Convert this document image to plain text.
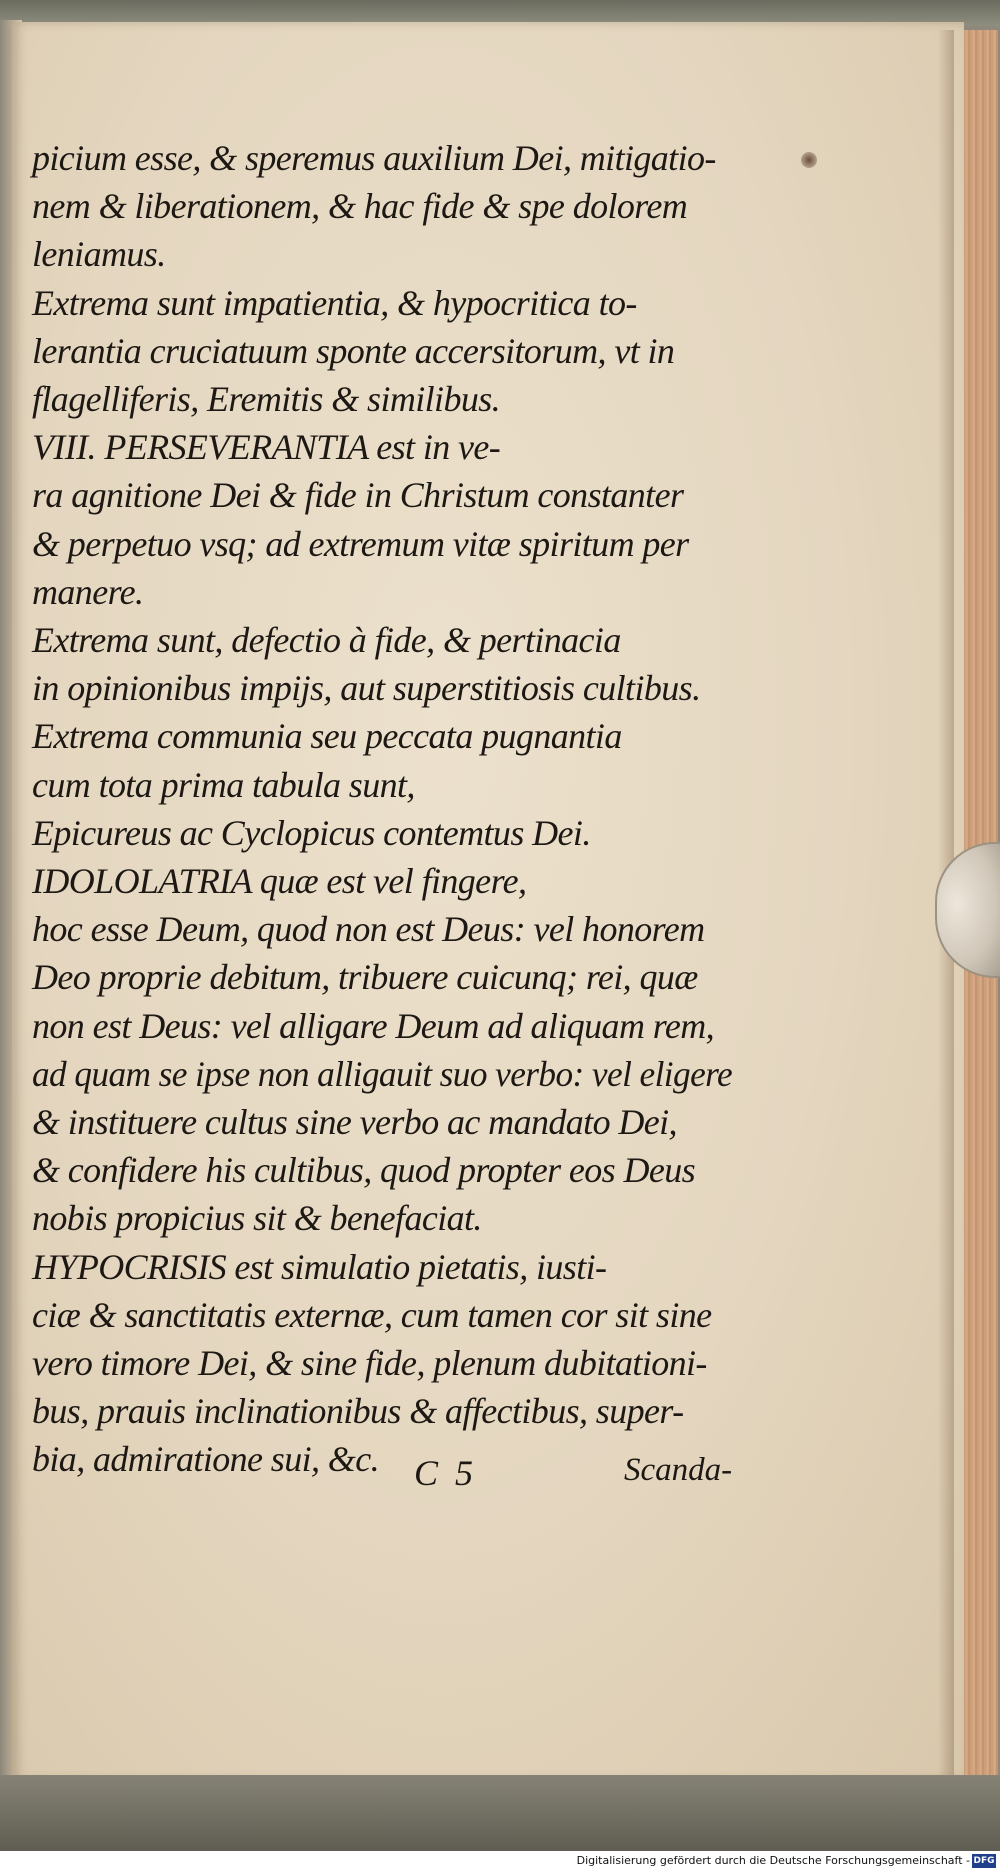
picium esse, & speremus auxilium Dei, mitigatio-
nem & liberationem, & hac fide & spe dolorem
leniamus.
Extrema sunt impatientia, & hypocritica to-
lerantia cruciatuum sponte accersitorum, vt in
flagelliferis, Eremitis & similibus.
VIII. PERSEVERANTIA est in ve-
ra agnitione Dei & fide in Christum constanter
& perpetuo vsq; ad extremum vitæ spiritum per
manere.
Extrema sunt, defectio à fide, & pertinacia
in opinionibus impijs, aut superstitiosis cultibus.
Extrema communia seu peccata pugnantia
cum tota prima tabula sunt,
Epicureus ac Cyclopicus contemtus Dei.
IDOLOLATRIA quæ est vel fingere,
hoc esse Deum, quod non est Deus: vel honorem
Deo proprie debitum, tribuere cuicunq; rei, quæ
non est Deus: vel alligare Deum ad aliquam rem,
ad quam se ipse non alligauit suo verbo: vel eligere
& instituere cultus sine verbo ac mandato Dei,
& confidere his cultibus, quod propter eos Deus
nobis propicius sit & benefaciat.
HYPOCRISIS est simulatio pietatis, iusti-
ciæ & sanctitatis externæ, cum tamen cor sit sine
vero timore Dei, & sine fide, plenum dubitationi-
bus, prauis inclinationibus & affectibus, super-
bia, admiratione sui, &c. C 5	Scanda-
Digitalisierung gefördert durch die Deutsche Forschungsgemeinschaft - DFG
